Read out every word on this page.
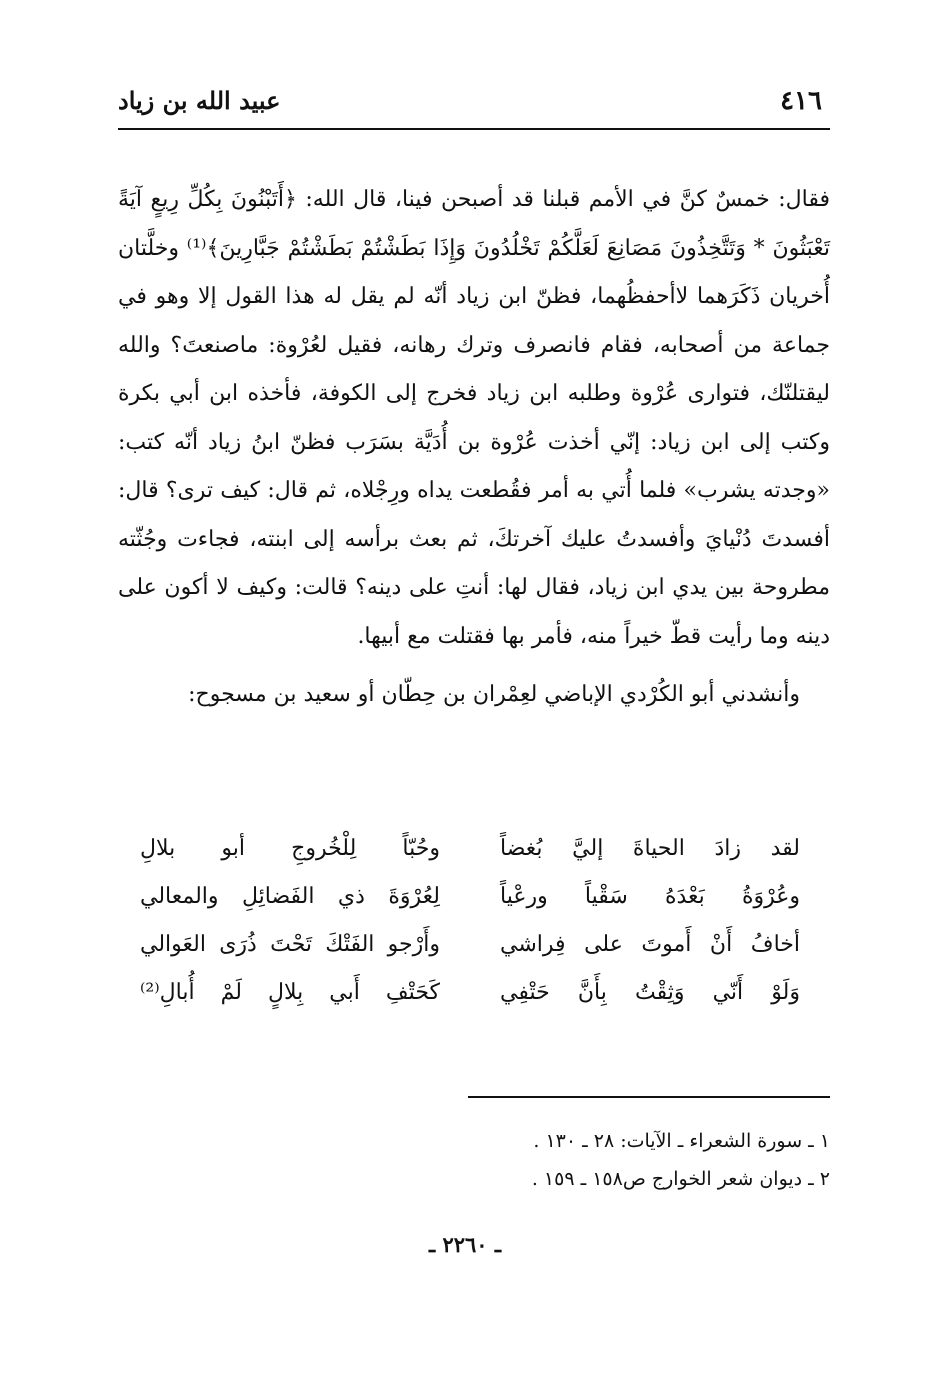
٤١٦
عبيد الله بن زياد

فقال: خمسٌ كنَّ في الأمم قبلنا قد أصبحن فينا، قال الله: ﴿أَتَبْنُونَ بِكُلِّ رِيعٍ آيَةً تَعْبَثُونَ * وَتَتَّخِذُونَ مَصَانِعَ لَعَلَّكُمْ تَخْلُدُونَ وَإِذَا بَطَشْتُمْ بَطَشْتُمْ جَبَّارِينَ﴾⁽¹⁾ وخلَّتان أُخريان ذَكَرَهما لاأحفظُهما، فظنّ ابن زياد أنّه لم يقل له هذا القول إلا وهو في جماعة من أصحابه، فقام فانصرف وترك رهانه، فقيل لعُرْوة: ماصنعتَ؟ والله ليقتلنّك، فتوارى عُرْوة وطلبه ابن زياد فخرج إلى الكوفة، فأخذه ابن أبي بكرة وكتب إلى ابن زياد: إنّي أخذت عُرْوة بن أُدَيَّة بسَرَب فظنّ ابنُ زياد أنّه كتب: «وجدته يشرب» فلما أُتي به أمر فقُطعت يداه ورِجْلاه، ثم قال: كيف ترى؟ قال: أفسدتَ دُنْيايَ وأفسدتُ عليك آخرتكَ، ثم بعث برأسه إلى ابنته، فجاءت وجُثّته مطروحة بين يدي ابن زياد، فقال لها: أنتِ على دينه؟ قالت: وكيف لا أكون على دينه وما رأيت قطّ خيراً منه، فأمر بها فقتلت مع أبيها.

وأنشدني أبو الكُرْدي الإباضي لعِمْران بن حِطّان أو سعيد بن مسجوح:

لقد زادَ الحياةَ إليَّ بُغضاً
وحُبّاً لِلْخُروجِ أبو بلالِ
وعُرْوَةُ بَعْدَهُ سَقْياً ورعْياً
لِعُرْوَةَ ذي الفَضائِلِ والمعالي
أخافُ أَنْ أَموتَ على فِراشي
وأَرْجو الفَتْكَ تَحْتَ ذُرَى العَوالي
وَلَوْ أَنّي وَثِقْتُ بِأَنَّ حَتْفِي
كَحَتْفِ أَبي بِلالٍ لَمْ أُبالِ⁽²⁾
١ ـ سورة الشعراء ـ الآيات: ٢٨ ـ ١٣٠ .
٢ ـ ديوان شعر الخوارج ص١٥٨ ـ ١٥٩ .
ـ ٢٢٦٠ ـ
